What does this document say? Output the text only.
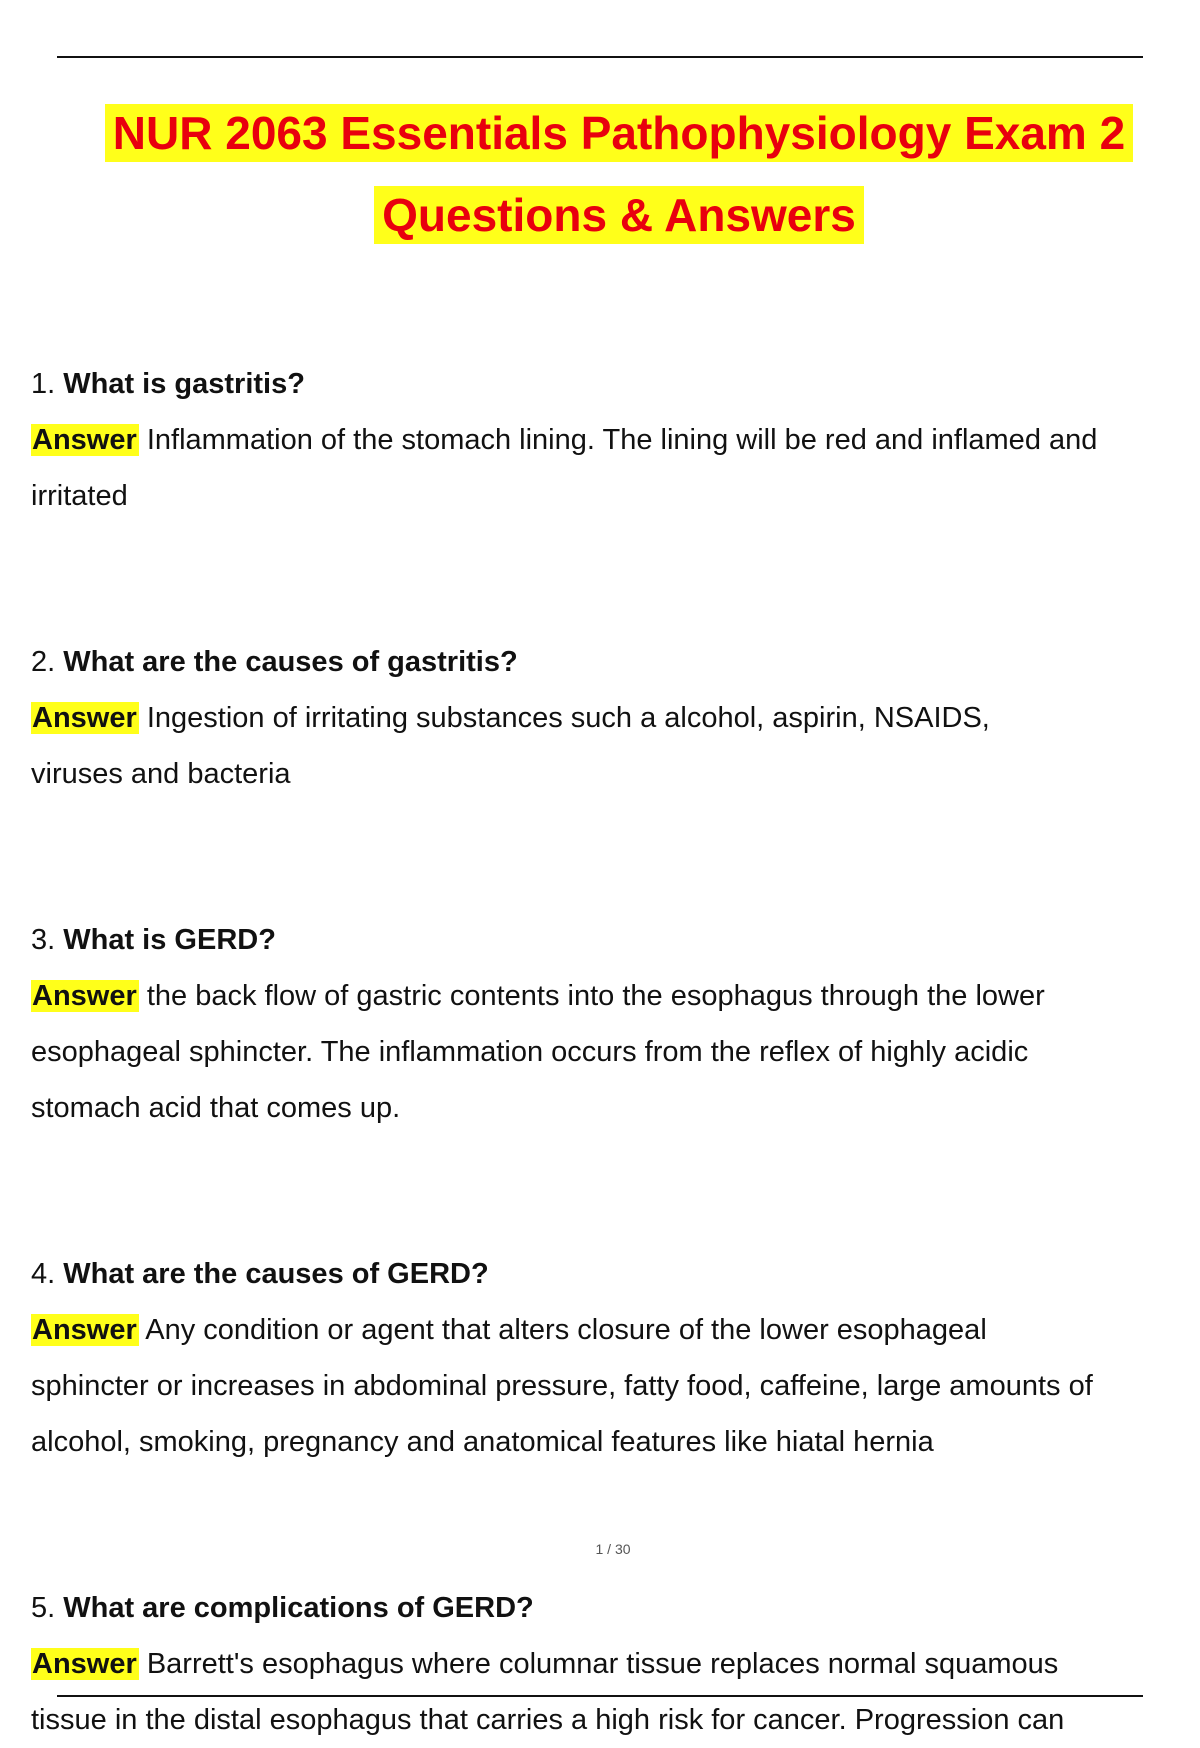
NUR 2063 Essentials Pathophysiology Exam 2
Questions & Answers
1. What is gastritis?
Answer Inflammation of the stomach lining. The lining will be red and inflamed and
irritated
2. What are the causes of gastritis?
Answer Ingestion of irritating substances such a alcohol, aspirin, NSAIDS,
viruses and bacteria
3. What is GERD?
Answer the back flow of gastric contents into the esophagus through the lower
esophageal sphincter. The inflammation occurs from the reflex of highly acidic
stomach acid that comes up.
4. What are the causes of GERD?
Answer Any condition or agent that alters closure of the lower esophageal
sphincter or increases in abdominal pressure, fatty food, caffeine, large amounts of
alcohol, smoking, pregnancy and anatomical features like hiatal hernia
5. What are complications of GERD?
Answer Barrett's esophagus where columnar tissue replaces normal squamous
tissue in the distal esophagus that carries a high risk for cancer. Progression can
1 / 30
